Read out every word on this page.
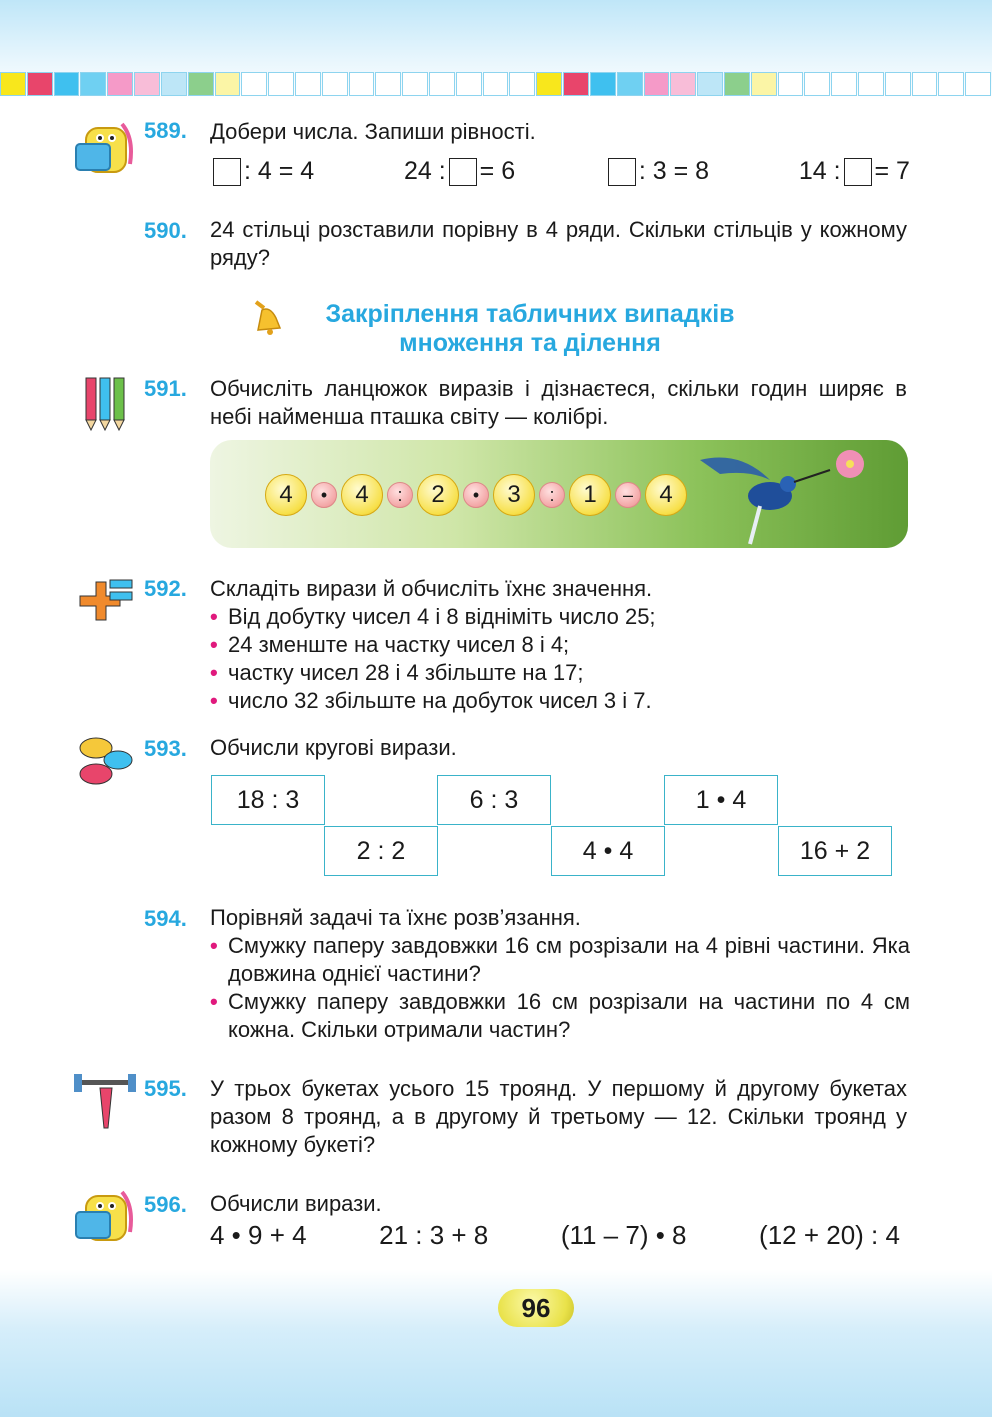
589. Добери числа. Запиши рівності.
: 4 = 4	24 : = 6	: 3 = 8	14 : = 7
590. 24 стільці розставили порівну в 4 ряди. Скільки стільців у кожному ряду?
Закріплення табличних випадків
множення та ділення
591. Обчисліть ланцюжок виразів і дізнаєтеся, скільки годин ширяє в небі найменша пташка світу — колібрі.
4	•	4	:	2	•	3	:	1	–	4
592. Складіть вирази й обчисліть їхнє значення.
• Від добутку чисел 4 і 8 відніміть число 25;
• 24 зменште на частку чисел 8 і 4;
• частку чисел 28 і 4 збільште на 17;
• число 32 збільште на добуток чисел 3 і 7.
593. Обчисли кругові вирази.
18 : 3	6 : 3	1 • 4
2 : 2	4 • 4	16 + 2
594. Порівняй задачі та їхнє розв’язання.
• Смужку паперу завдовжки 16 см розрізали на 4 рівні частини. Яка довжина однієї частини?
• Смужку паперу завдовжки 16 см розрізали на частини по 4 см кожна. Скільки отримали частин?
595. У трьох букетах усього 15 троянд. У першому й другому букетах разом 8 троянд, а в другому й третьому — 12. Скільки троянд у кожному букеті?
596. Обчисли вирази.
4 • 9 + 4	21 : 3 + 8	(11 – 7) • 8	(12 + 20) : 4
96
